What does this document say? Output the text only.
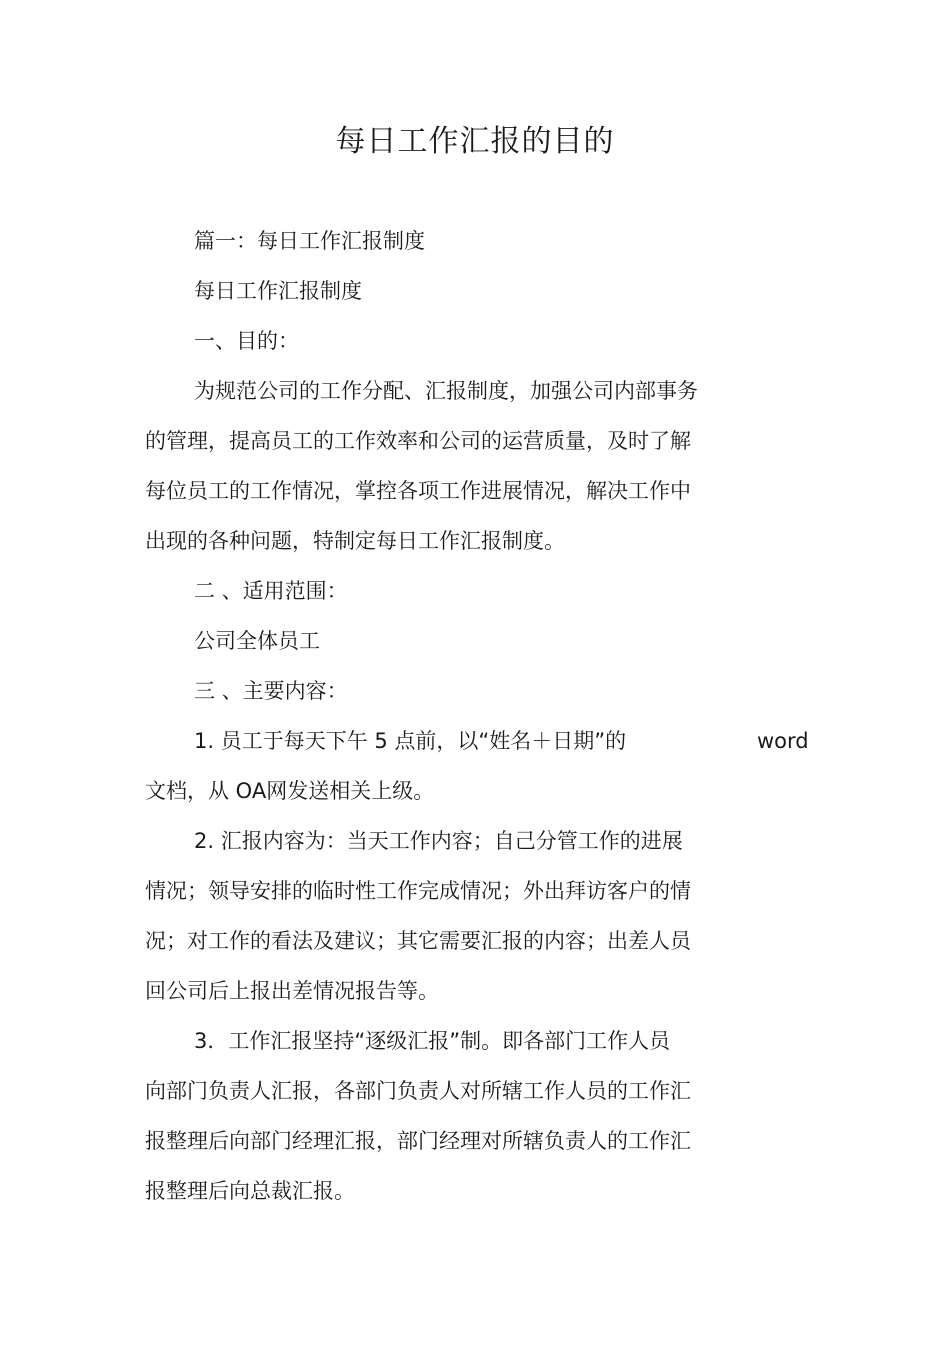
每日工作汇报的目的

篇一：每日工作汇报制度

每日工作汇报制度

一、目的：

为规范公司的工作分配、汇报制度，加强公司内部事务

的管理，提高员工的工作效率和公司的运营质量，及时了解

每位员工的工作情况，掌控各项工作进展情况，解决工作中

出现的各种问题，特制定每日工作汇报制度。

二 、适用范围：

公司全体员工

三 、主要内容：

1. 员工于每天下午 5 点前，以“姓名＋日期”的	word

文档，从 OA网发送相关上级。

2. 汇报内容为：当天工作内容；自己分管工作的进展

情况；领导安排的临时性工作完成情况；外出拜访客户的情

况；对工作的看法及建议；其它需要汇报的内容；出差人员

回公司后上报出差情况报告等。

3．工作汇报坚持“逐级汇报”制。即各部门工作人员

向部门负责人汇报，各部门负责人对所辖工作人员的工作汇

报整理后向部门经理汇报，部门经理对所辖负责人的工作汇

报整理后向总裁汇报。
